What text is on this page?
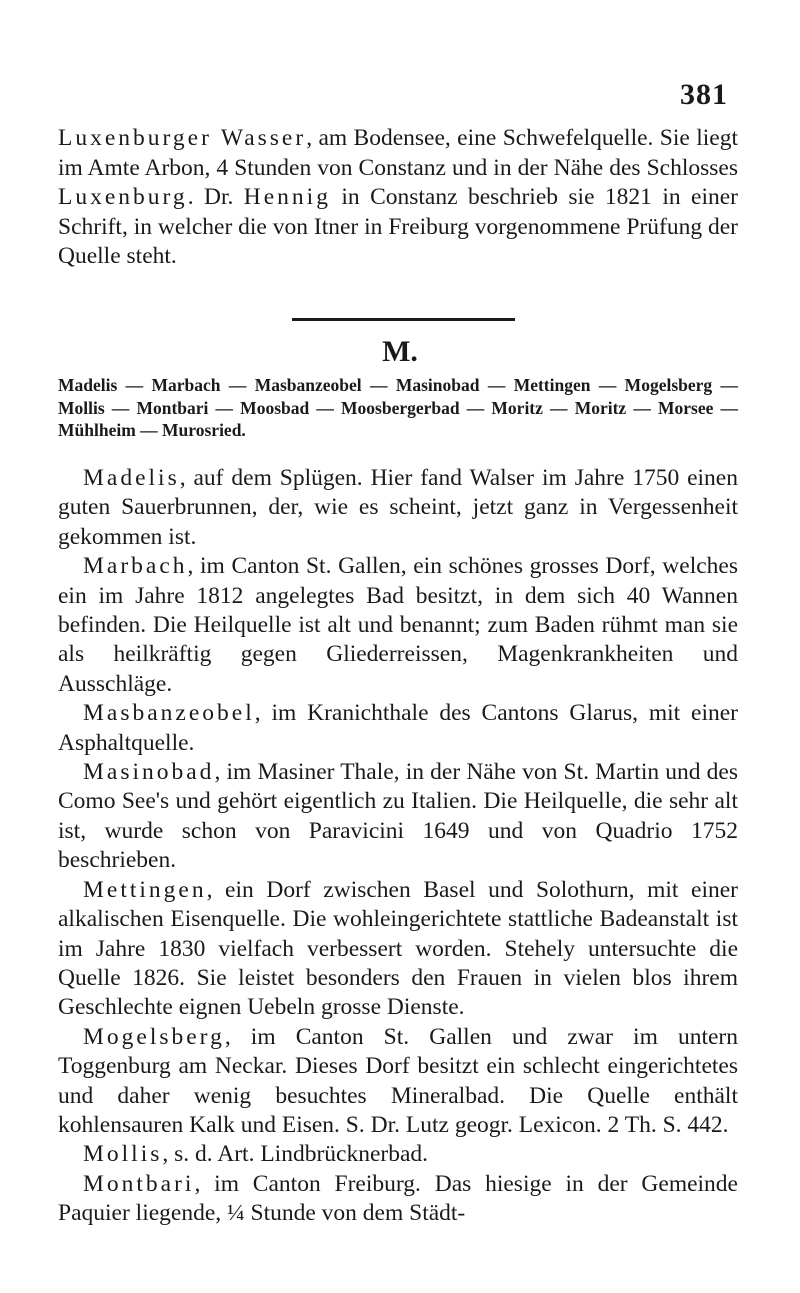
381

Luxenburger Wasser, am Bodensee, eine Schwefelquelle. Sie liegt im Amte Arbon, 4 Stunden von Constanz und in der Nähe des Schlosses Luxenburg. Dr. Hennig in Constanz beschrieb sie 1821 in einer Schrift, in welcher die von Itner in Freiburg vorgenommene Prüfung der Quelle steht.

M.
Madelis — Marbach — Masbanzeobel — Masinobad — Mettingen — Mogelsberg — Mollis — Montbari — Moosbad — Moosbergerbad — Moritz — Moritz — Morsee — Mühlheim — Murosried.

Madelis, auf dem Splügen. Hier fand Walser im Jahre 1750 einen guten Sauerbrunnen, der, wie es scheint, jetzt ganz in Vergessenheit gekommen ist.

Marbach, im Canton St. Gallen, ein schönes grosses Dorf, welches ein im Jahre 1812 angelegtes Bad besitzt, in dem sich 40 Wannen befinden. Die Heilquelle ist alt und benannt; zum Baden rühmt man sie als heilkräftig gegen Gliederreissen, Magenkrankheiten und Ausschläge.

Masbanzeobel, im Kranichthale des Cantons Glarus, mit einer Asphaltquelle.

Masinobad, im Masiner Thale, in der Nähe von St. Martin und des Como See's und gehört eigentlich zu Italien. Die Heilquelle, die sehr alt ist, wurde schon von Paravicini 1649 und von Quadrio 1752 beschrieben.

Mettingen, ein Dorf zwischen Basel und Solothurn, mit einer alkalischen Eisenquelle. Die wohleingerichtete stattliche Badeanstalt ist im Jahre 1830 vielfach verbessert worden. Stehely untersuchte die Quelle 1826. Sie leistet besonders den Frauen in vielen blos ihrem Geschlechte eignen Uebeln grosse Dienste.

Mogelsberg, im Canton St. Gallen und zwar im untern Toggenburg am Neckar. Dieses Dorf besitzt ein schlecht eingerichtetes und daher wenig besuchtes Mineralbad. Die Quelle enthält kohlensauren Kalk und Eisen. S. Dr. Lutz geogr. Lexicon. 2 Th. S. 442.

Mollis, s. d. Art. Lindbrücknerbad.

Montbari, im Canton Freiburg. Das hiesige in der Gemeinde Paquier liegende, ¼ Stunde von dem Städt-
